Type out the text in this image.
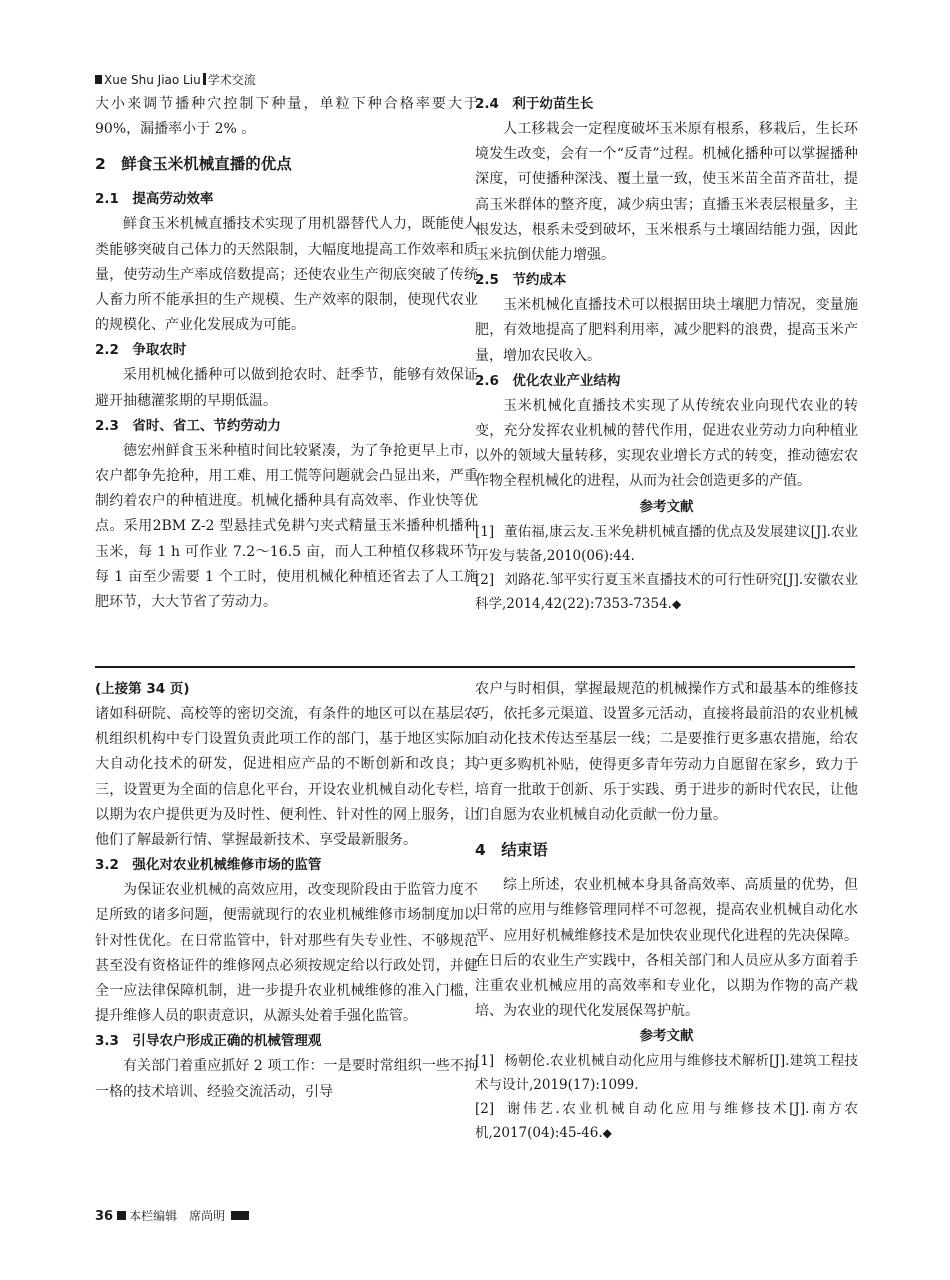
Xue Shu Jiao Liu 学术交流

大小来调节播种穴控制下种量，单粒下种合格率要大于 90%，漏播率小于 2% 。

2　鲜食玉米机械直播的优点

2.1　提高劳动效率

鲜食玉米机械直播技术实现了用机器替代人力，既能使人类能够突破自己体力的天然限制，大幅度地提高工作效率和质量，使劳动生产率成倍数提高；还使农业生产彻底突破了传统人畜力所不能承担的生产规模、生产效率的限制，使现代农业的规模化、产业化发展成为可能。

2.2　争取农时

采用机械化播种可以做到抢农时、赶季节，能够有效保证避开抽穗灌浆期的早期低温。

2.3　省时、省工、节约劳动力

德宏州鲜食玉米种植时间比较紧凑，为了争抢更早上市，农户都争先抢种，用工难、用工慌等问题就会凸显出来，严重制约着农户的种植进度。机械化播种具有高效率、作业快等优点。采用2BM Z-2 型悬挂式免耕勺夹式精量玉米播种机播种玉米，每 1 h 可作业 7.2～16.5 亩，而人工种植仅移栽环节每 1 亩至少需要 1 个工时，使用机械化种植还省去了人工施肥环节，大大节省了劳动力。

2.4　利于幼苗生长

人工移栽会一定程度破坏玉米原有根系，移栽后，生长环境发生改变，会有一个“反青”过程。机械化播种可以掌握播种深度，可使播种深浅、覆土量一致，使玉米苗全苗齐苗壮，提高玉米群体的整齐度，减少病虫害；直播玉米表层根量多，主根发达，根系未受到破坏，玉米根系与土壤固结能力强，因此玉米抗倒伏能力增强。

2.5　节约成本

玉米机械化直播技术可以根据田块土壤肥力情况，变量施肥，有效地提高了肥料利用率，减少肥料的浪费，提高玉米产量，增加农民收入。

2.6　优化农业产业结构

玉米机械化直播技术实现了从传统农业向现代农业的转变，充分发挥农业机械的替代作用，促进农业劳动力向种植业以外的领域大量转移，实现农业增长方式的转变，推动德宏农作物全程机械化的进程，从而为社会创造更多的产值。

参考文献

[1] 董佑福,康云友.玉米免耕机械直播的优点及发展建议[J].农业开发与装备,2010(06):44.

[2] 刘路花.邹平实行夏玉米直播技术的可行性研究[J].安徽农业科学,2014,42(22):7353-7354.◆

(上接第 34 页)

诸如科研院、高校等的密切交流，有条件的地区可以在基层农机组织机构中专门设置负责此项工作的部门，基于地区实际加大自动化技术的研发，促进相应产品的不断创新和改良；其三，设置更为全面的信息化平台，开设农业机械自动化专栏，以期为农户提供更为及时性、便利性、针对性的网上服务，让他们了解最新行情、掌握最新技术、享受最新服务。

3.2　强化对农业机械维修市场的监管

为保证农业机械的高效应用，改变现阶段由于监管力度不足所致的诸多问题，便需就现行的农业机械维修市场制度加以针对性优化。在日常监管中，针对那些有失专业性、不够规范甚至没有资格证件的维修网点必须按规定给以行政处罚，并健全一应法律保障机制，进一步提升农业机械维修的准入门槛，提升维修人员的职责意识，从源头处着手强化监管。

3.3　引导农户形成正确的机械管理观

有关部门着重应抓好 2 项工作：一是要时常组织一些不拘一格的技术培训、经验交流活动，引导

农户与时相俱，掌握最规范的机械操作方式和最基本的维修技巧，依托多元渠道、设置多元活动，直接将最前沿的农业机械自动化技术传达至基层一线；二是要推行更多惠农措施，给农户更多购机补贴，使得更多青年劳动力自愿留在家乡，致力于培育一批敢于创新、乐于实践、勇于进步的新时代农民，让他们自愿为农业机械自动化贡献一份力量。

4　结束语

综上所述，农业机械本身具备高效率、高质量的优势，但日常的应用与维修管理同样不可忽视，提高农业机械自动化水平、应用好机械维修技术是加快农业现代化进程的先决保障。在日后的农业生产实践中，各相关部门和人员应从多方面着手注重农业机械应用的高效率和专业化，以期为作物的高产栽培、为农业的现代化发展保驾护航。

参考文献

[1] 杨朝伦.农业机械自动化应用与维修技术解析[J].建筑工程技术与设计,2019(17):1099.

[2] 谢伟艺.农业机械自动化应用与维修技术[J].南方农机,2017(04):45-46.◆

36 本栏编辑　席尚明
